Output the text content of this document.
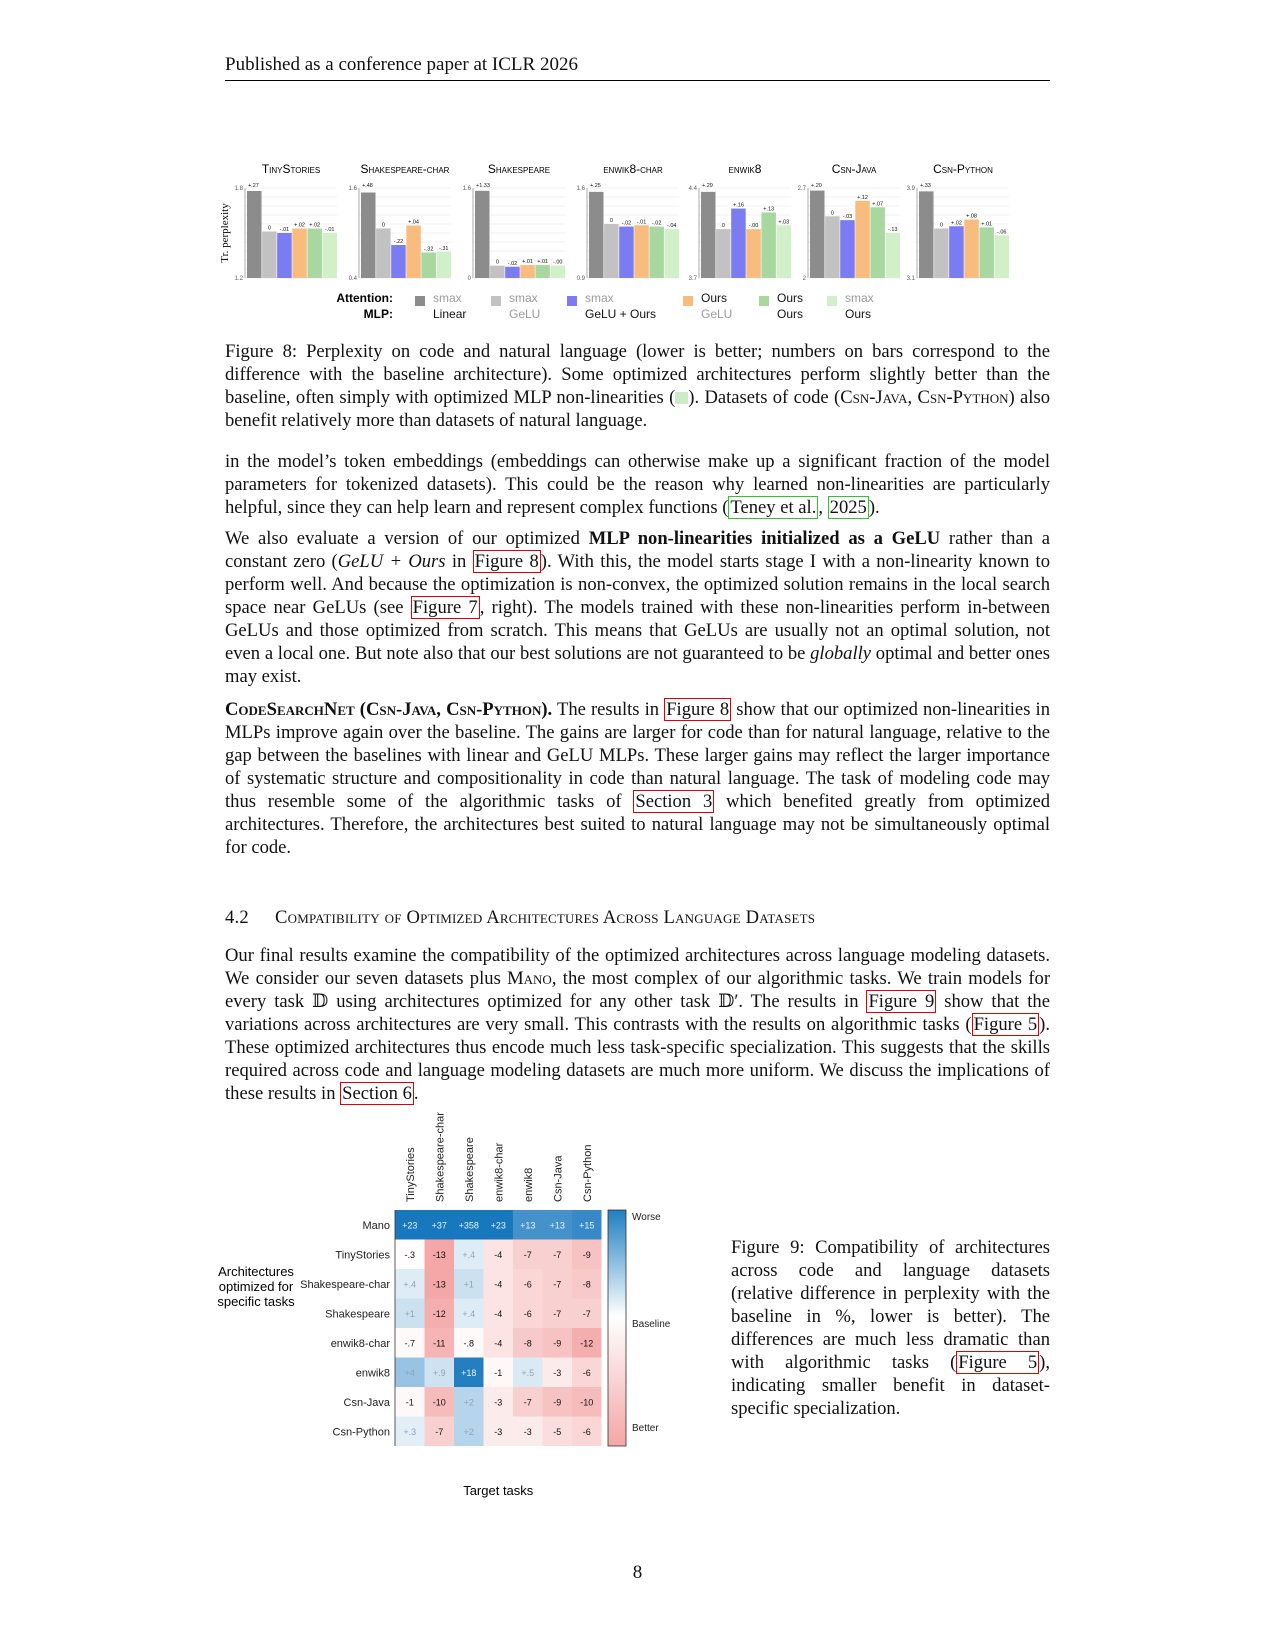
Published as a conference paper at ICLR 2026
Tr. perplexity
TinyStories
1.8
1.2
+.27
0 -.01
+.02 +.02
-.01
Shakespeare-char
1.6
0.4
+.48
0
-.22
+.04
-.32 -.31
Shakespeare
1.6
0
+1.33
0 -.02 +.01 +.01 -.00
enwik8-char
1.6
0.9
+.25
0 -.02 -.01 -.02 -.04
enwik8
4.4
3.7
+.29
0
+.16
-.00
+.13
+.03
Csn-Java
2.7
2
+.20
0
-.03
+.12
+.07
-.13
Csn-Python
3.9
3.1
+.33
0 +.02
+.08
+.01
-.06
Attention:
MLP:
smax
Linear
smax
GeLU
smax
GeLU + Ours
Ours
GeLU
Ours
Ours
smax
Ours
Figure 8: Perplexity on code and natural language (lower is better; numbers on bars correspond to the difference with the baseline architecture). Some optimized architectures perform slightly better than the baseline, often simply with optimized MLP non-linearities ( ). Datasets of code (Csn-Java, Csn-Python) also benefit relatively more than datasets of natural language.
in the model’s token embeddings (embeddings can otherwise make up a significant fraction of the model parameters for tokenized datasets). This could be the reason why learned non-linearities are particularly helpful, since they can help learn and represent complex functions ( Teney et al. , 2025 ).
We also evaluate a version of our optimized MLP non-linearities initialized as a GeLU rather than a constant zero (GeLU + Ours in Figure 8 ). With this, the model starts stage I with a non-linearity known to perform well. And because the optimization is non-convex, the optimized solution remains in the local search space near GeLUs (see Figure 7 , right). The models trained with these non-linearities perform in-between GeLUs and those optimized from scratch. This means that GeLUs are usually not an optimal solution, not even a local one. But note also that our best solutions are not guaranteed to be globally optimal and better ones may exist.
CodeSearchNet (Csn-Java, Csn-Python). The results in Figure 8 show that our optimized non-linearities in MLPs improve again over the baseline. The gains are larger for code than for natural language, relative to the gap between the baselines with linear and GeLU MLPs. These larger gains may reflect the larger importance of systematic structure and compositionality in code than natural language. The task of modeling code may thus resemble some of the algorithmic tasks of Section 3 which benefited greatly from optimized architectures. Therefore, the architectures best suited to natural language may not be simultaneously optimal for code.
4.2 Compatibility of Optimized Architectures Across Language Datasets
Our final results examine the compatibility of the optimized architectures across language modeling datasets. We consider our seven datasets plus Mano, the most complex of our algorithmic tasks. We train models for every task 𝔻 using architectures optimized for any other task 𝔻′. The results in Figure 9 show that the variations across architectures are very small. This contrasts with the results on algorithmic tasks ( Figure 5 ). These optimized architectures thus encode much less task-specific specialization. This suggests that the skills required across code and language modeling datasets are much more uniform. We discuss the implications of these results in Section 6 .
TinyStories Shakespeare-char Shakespeare enwik8-char enwik8 Csn-Java Csn-Python
Mano +23 +37 +358 +23 +13 +13 +15
TinyStories -.3 -13 +.4 -4 -7 -7 -9
Shakespeare-char +.4 -13 +1 -4 -6 -7 -8
Shakespeare +1 -12 +.4 -4 -6 -7 -7
enwik8-char -.7 -11 -.8 -4 -8 -9 -12
enwik8 +4 +.9 +18 -1 +.5 -3 -6
Csn-Java -1 -10 +2 -3 -7 -9 -10
Csn-Python +.3 -7 +2 -3 -3 -5 -6
Architectures
optimized for
specific tasks
Target tasks
Worse
Baseline
Better
Figure 9: Compatibility of architectures across code and language datasets (relative difference in perplexity with the baseline in %, lower is better). The differences are much less dramatic than with algorithmic tasks ( Figure 5 ), indicating smaller benefit in dataset-specific specialization.
8
